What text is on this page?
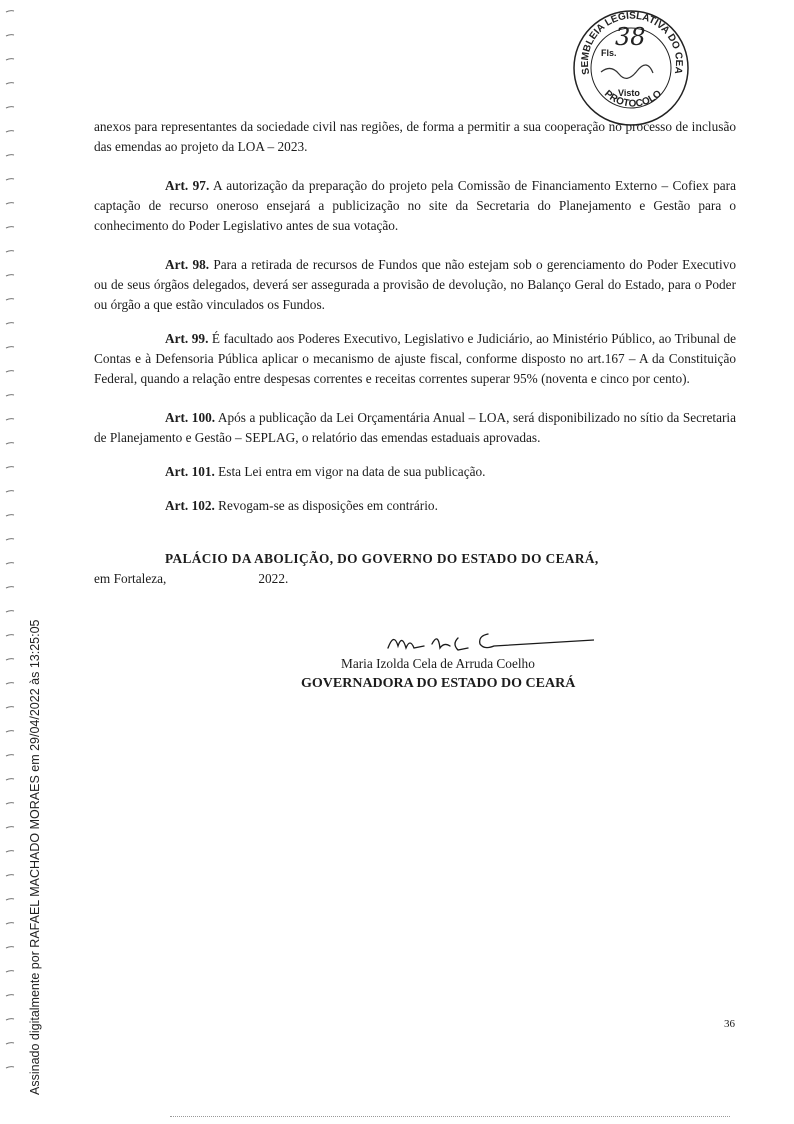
SEMBLEIA LEGISLATIVA DO CEA
PROTOCOLO
Fls.
38
Visto

anexos para representantes da sociedade civil nas regiões, de forma a permitir a sua cooperação no processo de inclusão das emendas ao projeto da LOA – 2023.

Art. 97. A autorização da preparação do projeto pela Comissão de Financiamento Externo – Cofiex para captação de recurso oneroso ensejará a publicização no site da Secretaria do Planejamento e Gestão para o conhecimento do Poder Legislativo antes de sua votação.

Art. 98. Para a retirada de recursos de Fundos que não estejam sob o gerenciamento do Poder Executivo ou de seus órgãos delegados, deverá ser assegurada a provisão de devolução, no Balanço Geral do Estado, para o Poder ou órgão a que estão vinculados os Fundos.

Art. 99. É facultado aos Poderes Executivo, Legislativo e Judiciário, ao Ministério Público, ao Tribunal de Contas e à Defensoria Pública aplicar o mecanismo de ajuste fiscal, conforme disposto no art.167 – A da Constituição Federal, quando a relação entre despesas correntes e receitas correntes superar 95% (noventa e cinco por cento).

Art. 100. Após a publicação da Lei Orçamentária Anual – LOA, será disponibilizado no sítio da Secretaria de Planejamento e Gestão – SEPLAG, o relatório das emendas estaduais aprovadas.

Art. 101. Esta Lei entra em vigor na data de sua publicação.

Art. 102. Revogam-se as disposições em contrário.

PALÁCIO DA ABOLIÇÃO, DO GOVERNO DO ESTADO DO CEARÁ,
em Fortaleza,	2022.
Maria Izolda Cela de Arruda Coelho
GOVERNADORA DO ESTADO DO CEARÁ
36
Assinado digitalmente por RAFAEL MACHADO MORAES em 29/04/2022 às 13:25:05
